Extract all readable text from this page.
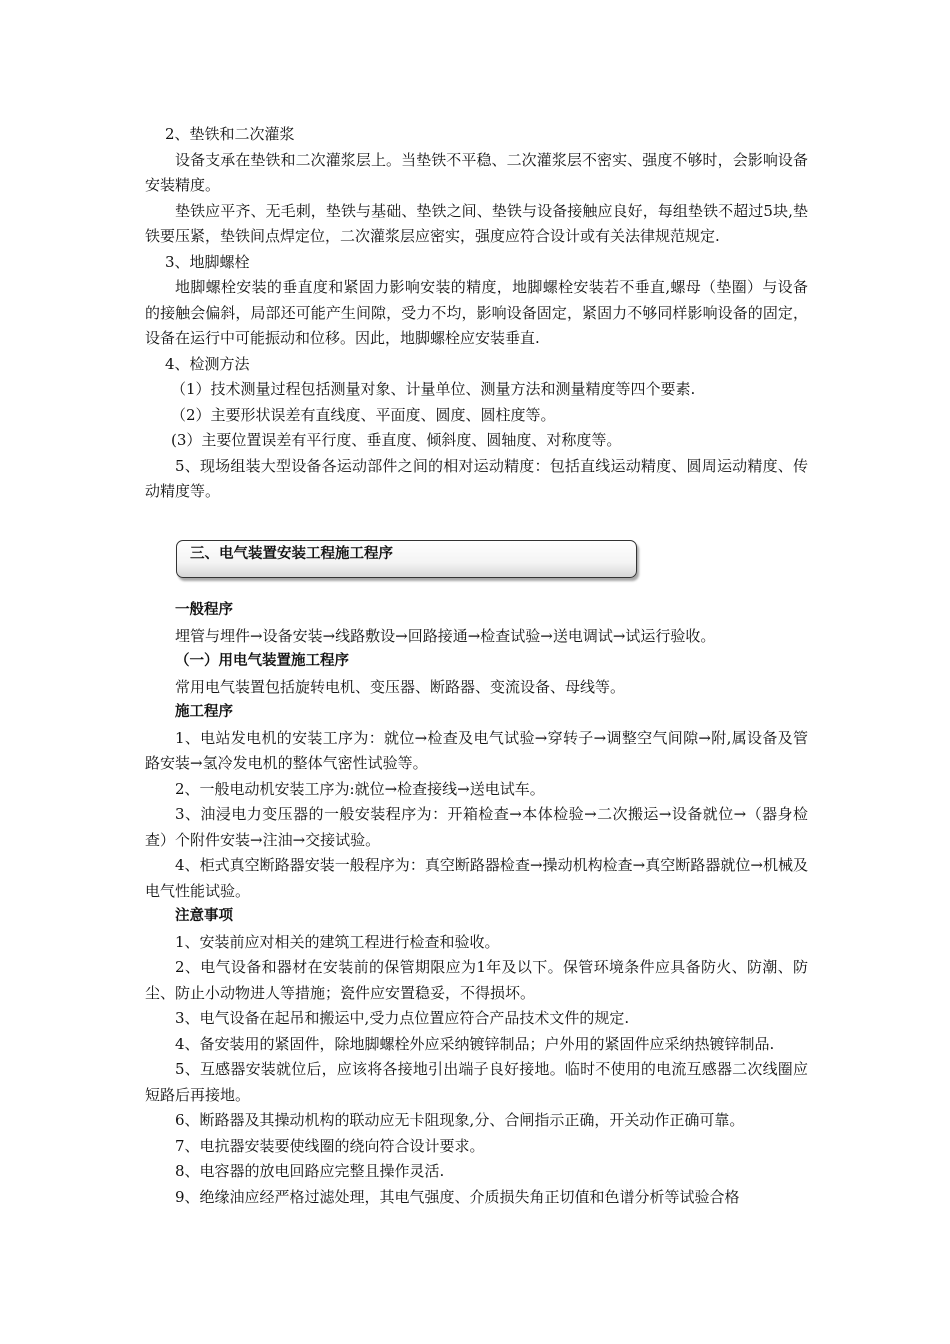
2、垫铁和二次灌浆

设备支承在垫铁和二次灌浆层上。当垫铁不平稳、二次灌浆层不密实、强度不够时，会影响设备安装精度。

垫铁应平齐、无毛刺，垫铁与基础、垫铁之间、垫铁与设备接触应良好，每组垫铁不超过5块,垫铁要压紧，垫铁间点焊定位，二次灌浆层应密实，强度应符合设计或有关法律规范规定.

3、地脚螺栓

地脚螺栓安装的垂直度和紧固力影响安装的精度，地脚螺栓安装若不垂直,螺母（垫圈）与设备的接触会偏斜，局部还可能产生间隙，受力不均，影响设备固定，紧固力不够同样影响设备的固定，设备在运行中可能振动和位移。因此，地脚螺栓应安装垂直.

4、检测方法

（1）技术测量过程包括测量对象、计量单位、测量方法和测量精度等四个要素.

（2）主要形状误差有直线度、平面度、圆度、圆柱度等。

(3）主要位置误差有平行度、垂直度、倾斜度、圆轴度、对称度等。

5、现场组装大型设备各运动部件之间的相对运动精度：包括直线运动精度、圆周运动精度、传动精度等。

三、电气装置安装工程施工程序

一般程序

埋管与埋件→设备安装→线路敷设→回路接通→检查试验→送电调试→试运行验收。

（一）用电气装置施工程序

常用电气装置包括旋转电机、变压器、断路器、变流设备、母线等。

施工程序

1、电站发电机的安装工序为：就位→检查及电气试验→穿转子→调整空气间隙→附,属设备及管路安装→氢冷发电机的整体气密性试验等。

2、一般电动机安装工序为:就位→检查接线→送电试车。

3、油浸电力变压器的一般安装程序为：开箱检查→本体检验→二次搬运→设备就位→（器身检查）个附件安装→注油→交接试验。

4、柜式真空断路器安装一般程序为：真空断路器检查→操动机构检查→真空断路器就位→机械及电气性能试验。

注意事项

1、安装前应对相关的建筑工程进行检查和验收。

2、电气设备和器材在安装前的保管期限应为1年及以下。保管环境条件应具备防火、防潮、防尘、防止小动物进人等措施；瓷件应安置稳妥，不得损坏。

3、电气设备在起吊和搬运中,受力点位置应符合产品技术文件的规定.

4、备安装用的紧固件，除地脚螺栓外应采纳镀锌制品；户外用的紧固件应采纳热镀锌制品.

5、互感器安装就位后，应该将各接地引出端子良好接地。临时不使用的电流互感器二次线圈应短路后再接地。

6、断路器及其操动机构的联动应无卡阻现象,分、合闸指示正确，开关动作正确可靠。

7、电抗器安装要使线圈的绕向符合设计要求。

8、电容器的放电回路应完整且操作灵活.

9、绝缘油应经严格过滤处理，其电气强度、介质损失角正切值和色谱分析等试验合格
